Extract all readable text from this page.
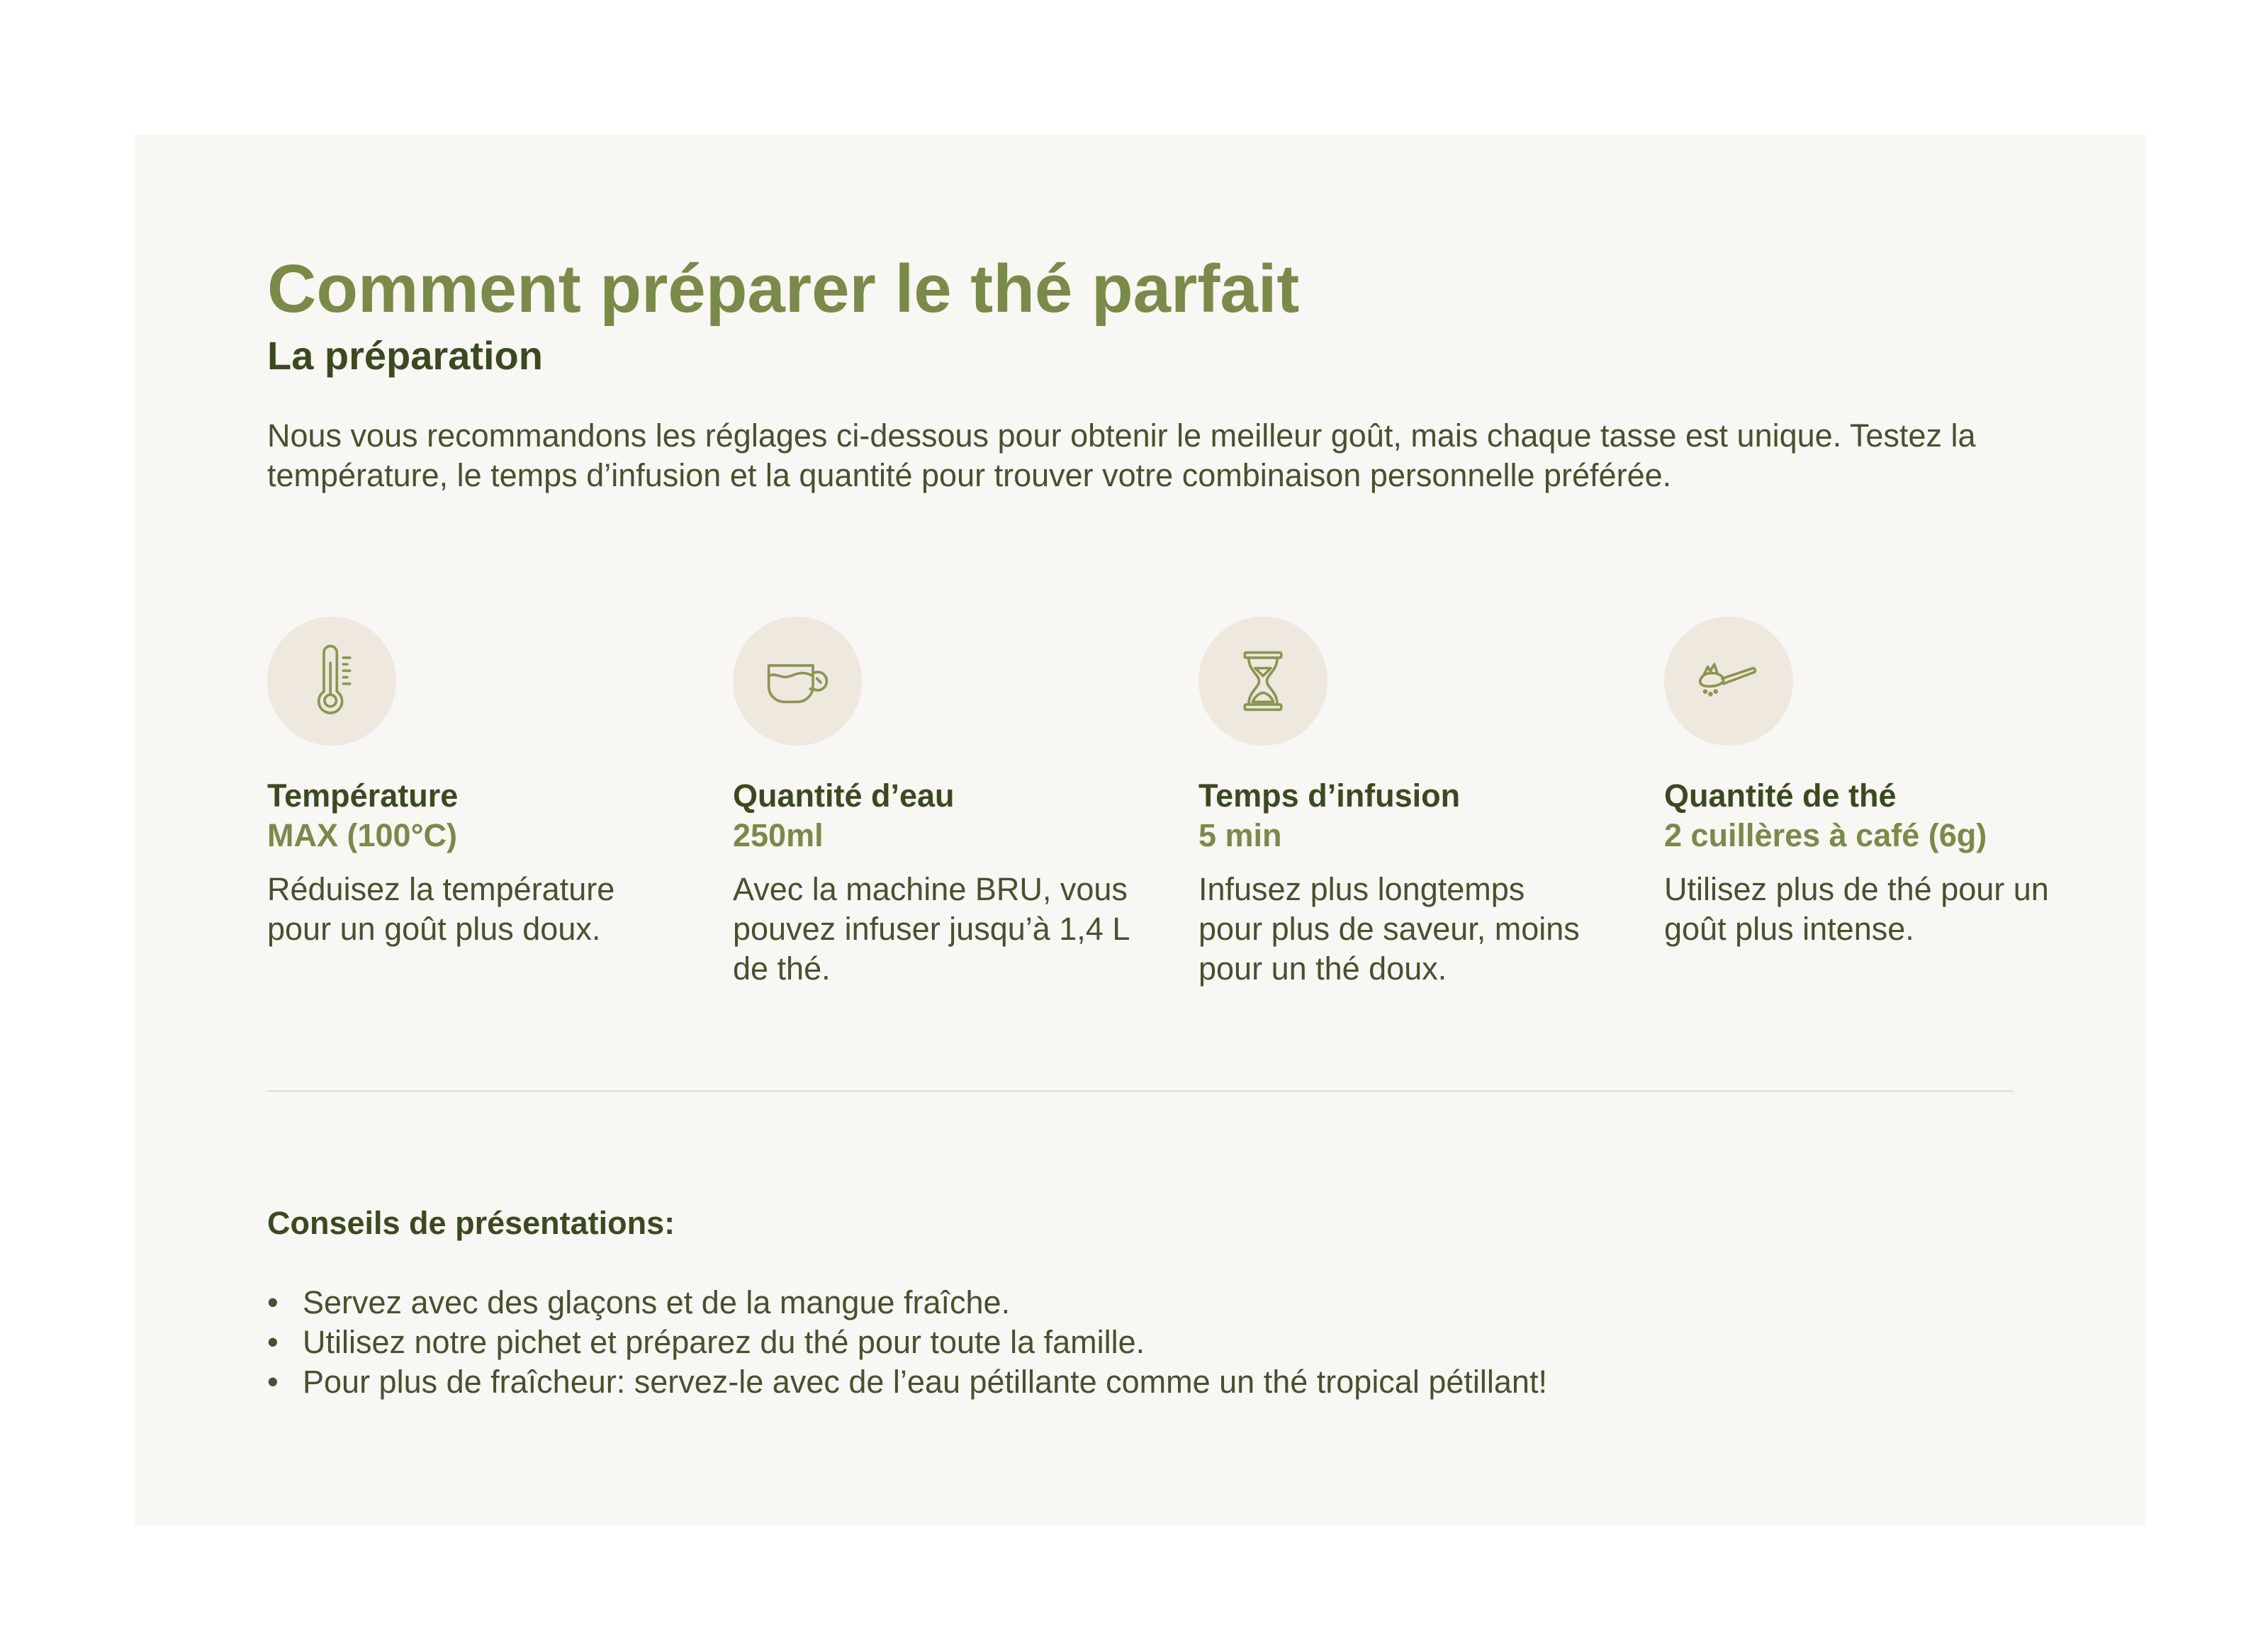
Comment préparer le thé parfait
La préparation

Nous vous recommandons les réglages ci-dessous pour obtenir le meilleur goût, mais chaque tasse est unique. Testez la température, le temps d’infusion et la quantité pour trouver votre combinaison personnelle préférée.

Température
MAX (100°C)
Réduisez la température pour un goût plus doux.
Quantité d’eau
250ml
Avec la machine BRU, vous pouvez infuser jusqu’à 1,4 L de thé.
Temps d’infusion
5 min
Infusez plus longtemps pour plus de saveur, moins pour un thé doux.
Quantité de thé
2 cuillères à café (6g)
Utilisez plus de thé pour un goût plus intense.
Conseils de présentations:
• Servez avec des glaçons et de la mangue fraîche.
• Utilisez notre pichet et préparez du thé pour toute la famille.
• Pour plus de fraîcheur: servez-le avec de l’eau pétillante comme un thé tropical pétillant!
